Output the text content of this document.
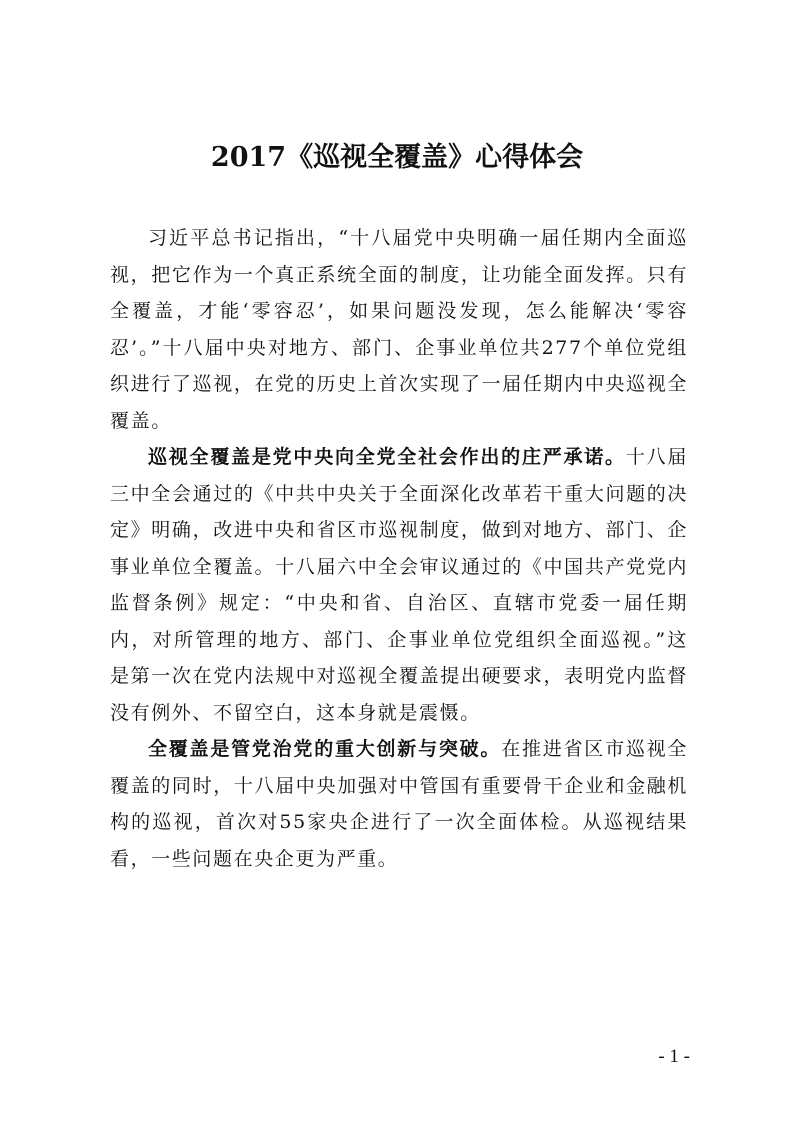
2017《巡视全覆盖》心得体会

习近平总书记指出，“十八届党中央明确一届任期内全面巡视，把它作为一个真正系统全面的制度，让功能全面发挥。只有全覆盖，才能‘零容忍’，如果问题没发现，怎么能解决‘零容忍’。”十八届中央对地方、部门、企事业单位共277个单位党组织进行了巡视，在党的历史上首次实现了一届任期内中央巡视全覆盖。

巡视全覆盖是党中央向全党全社会作出的庄严承诺。十八届三中全会通过的《中共中央关于全面深化改革若干重大问题的决定》明确，改进中央和省区市巡视制度，做到对地方、部门、企事业单位全覆盖。十八届六中全会审议通过的《中国共产党党内监督条例》规定：“中央和省、自治区、直辖市党委一届任期内，对所管理的地方、部门、企事业单位党组织全面巡视。”这是第一次在党内法规中对巡视全覆盖提出硬要求，表明党内监督没有例外、不留空白，这本身就是震慑。

全覆盖是管党治党的重大创新与突破。在推进省区市巡视全覆盖的同时，十八届中央加强对中管国有重要骨干企业和金融机构的巡视，首次对55家央企进行了一次全面体检。从巡视结果看，一些问题在央企更为严重。

- 1 -
